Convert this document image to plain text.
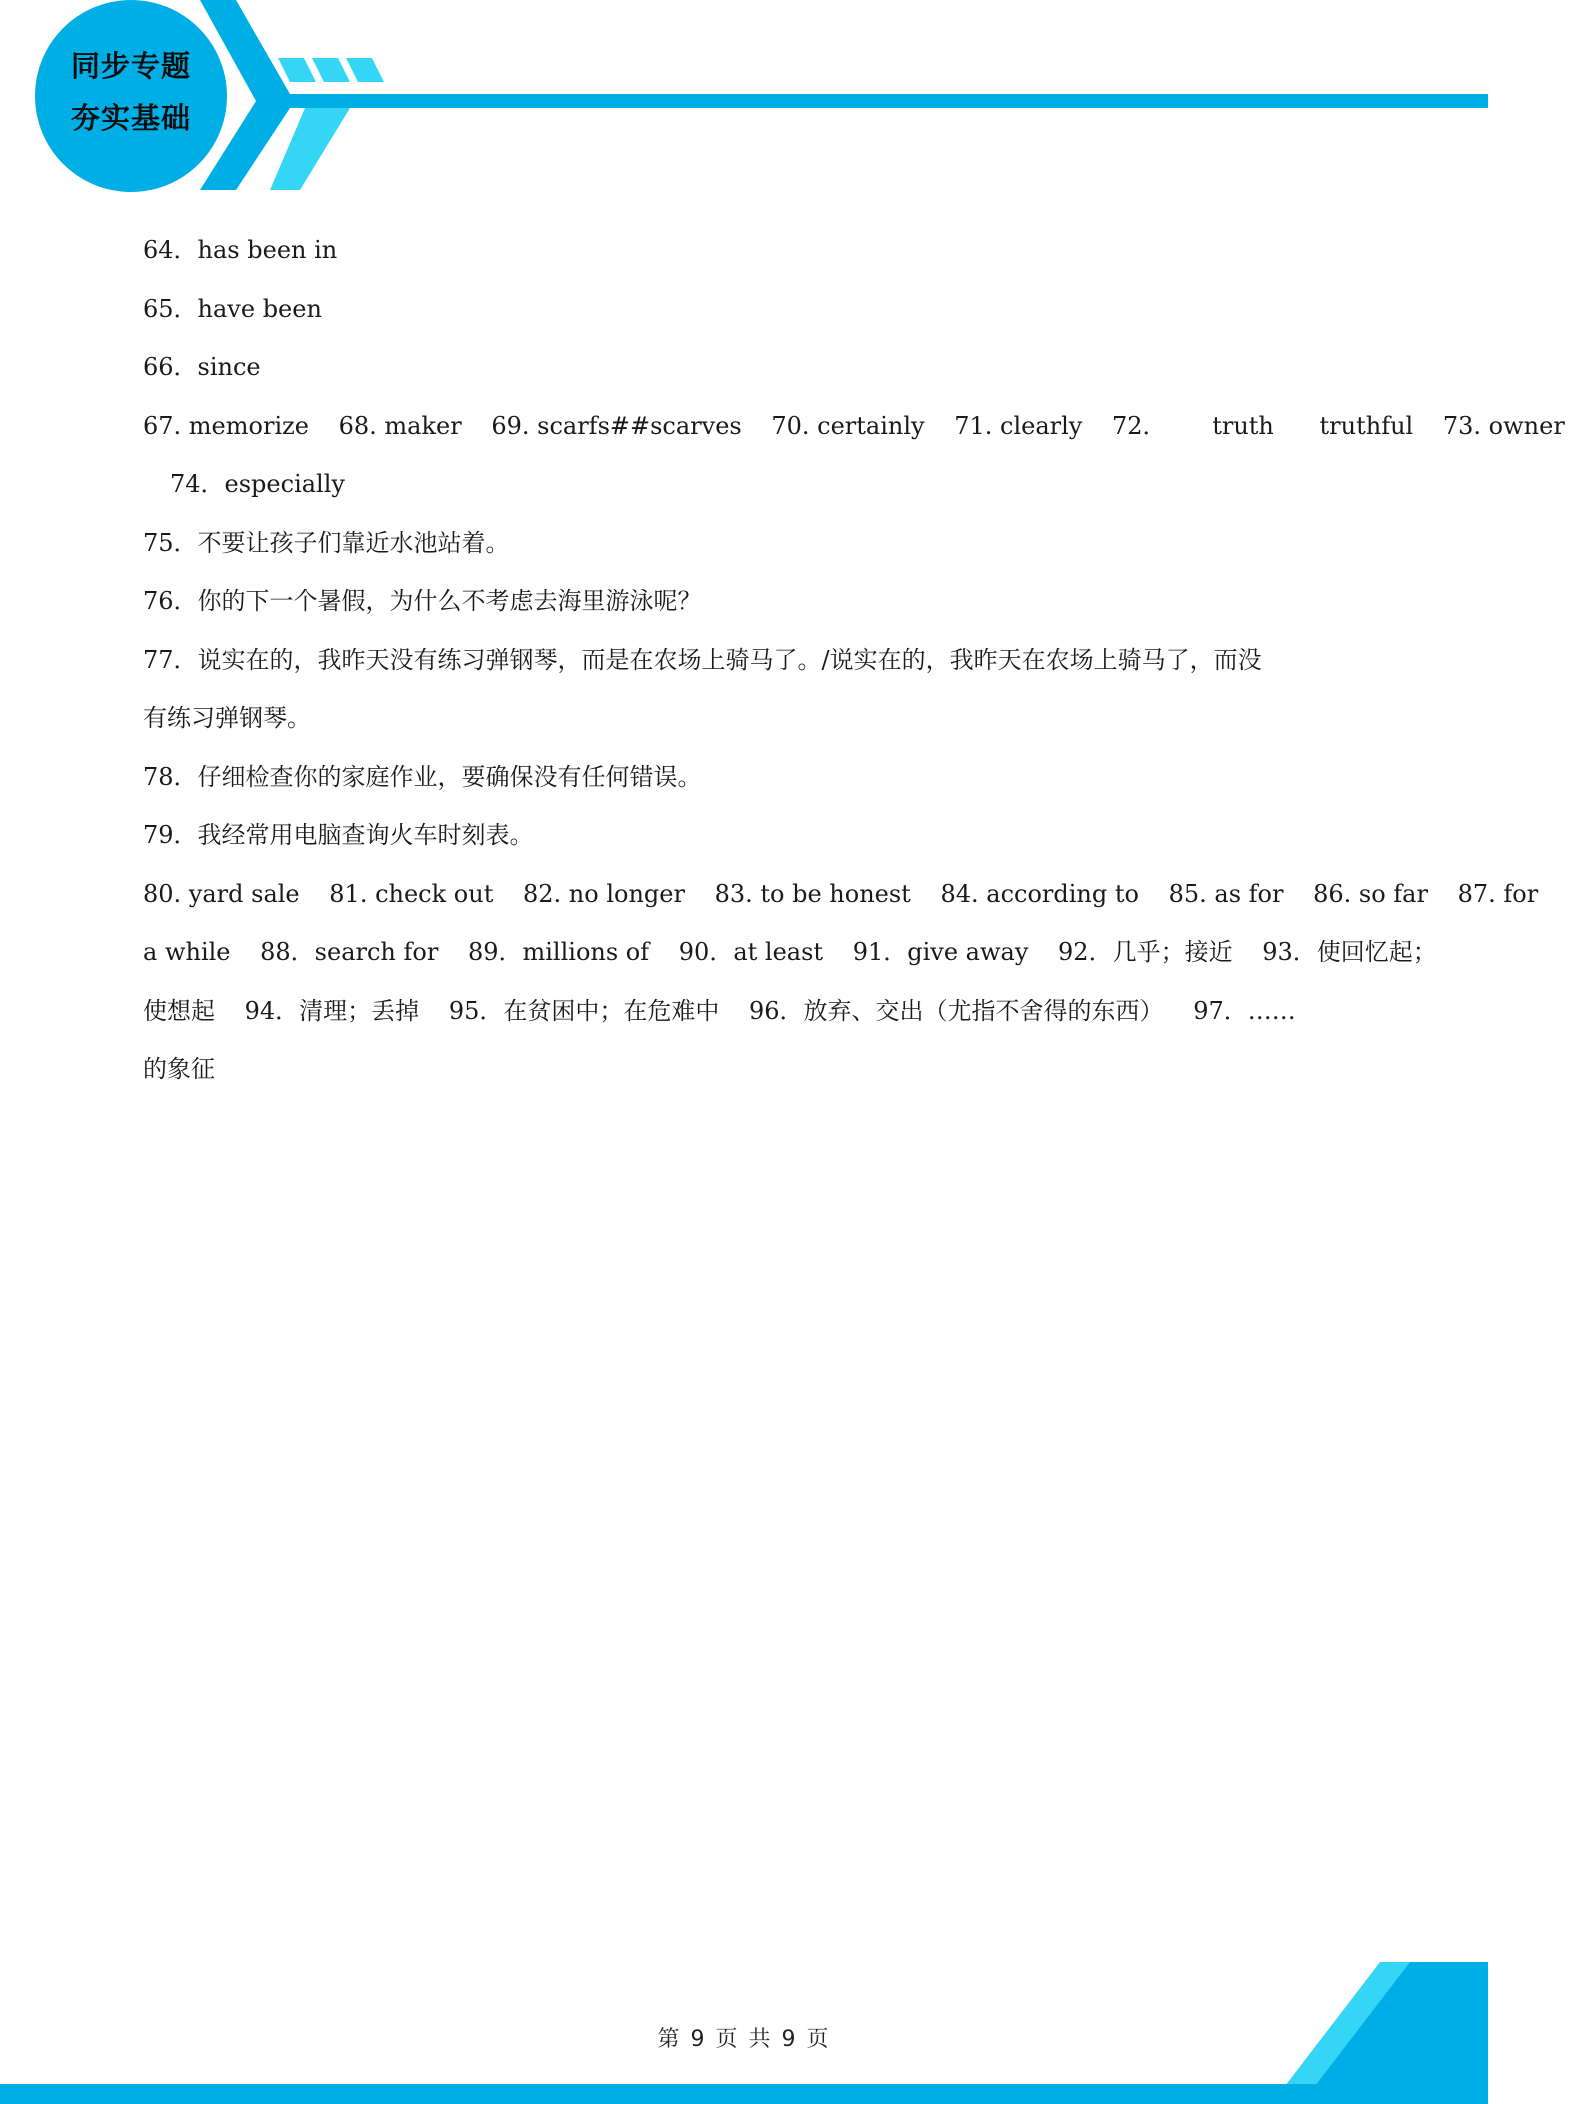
同步专题
夯实基础
64．has been in
65．have been
66．since
67. memorize 68. maker 69. scarfs##scarves 70. certainly 71. clearly 72． truth truthful 73. owner
74．especially
75．不要让孩子们靠近水池站着。
76．你的下一个暑假，为什么不考虑去海里游泳呢？
77．说实在的，我昨天没有练习弹钢琴，而是在农场上骑马了。/说实在的，我昨天在农场上骑马了，而没
有练习弹钢琴。
78．仔细检查你的家庭作业，要确保没有任何错误。
79．我经常用电脑查询火车时刻表。
80. yard sale 81. check out 82. no longer 83. to be honest 84. according to 85. as for 86. so far 87. for
a while 88．search for 89．millions of 90．at least 91．give away 92．几乎；接近 93．使回忆起；
使想起 94．清理；丢掉 95．在贫困中；在危难中 96．放弃、交出（尤指不舍得的东西） 97．……
的象征
第 9 页 共 9 页
